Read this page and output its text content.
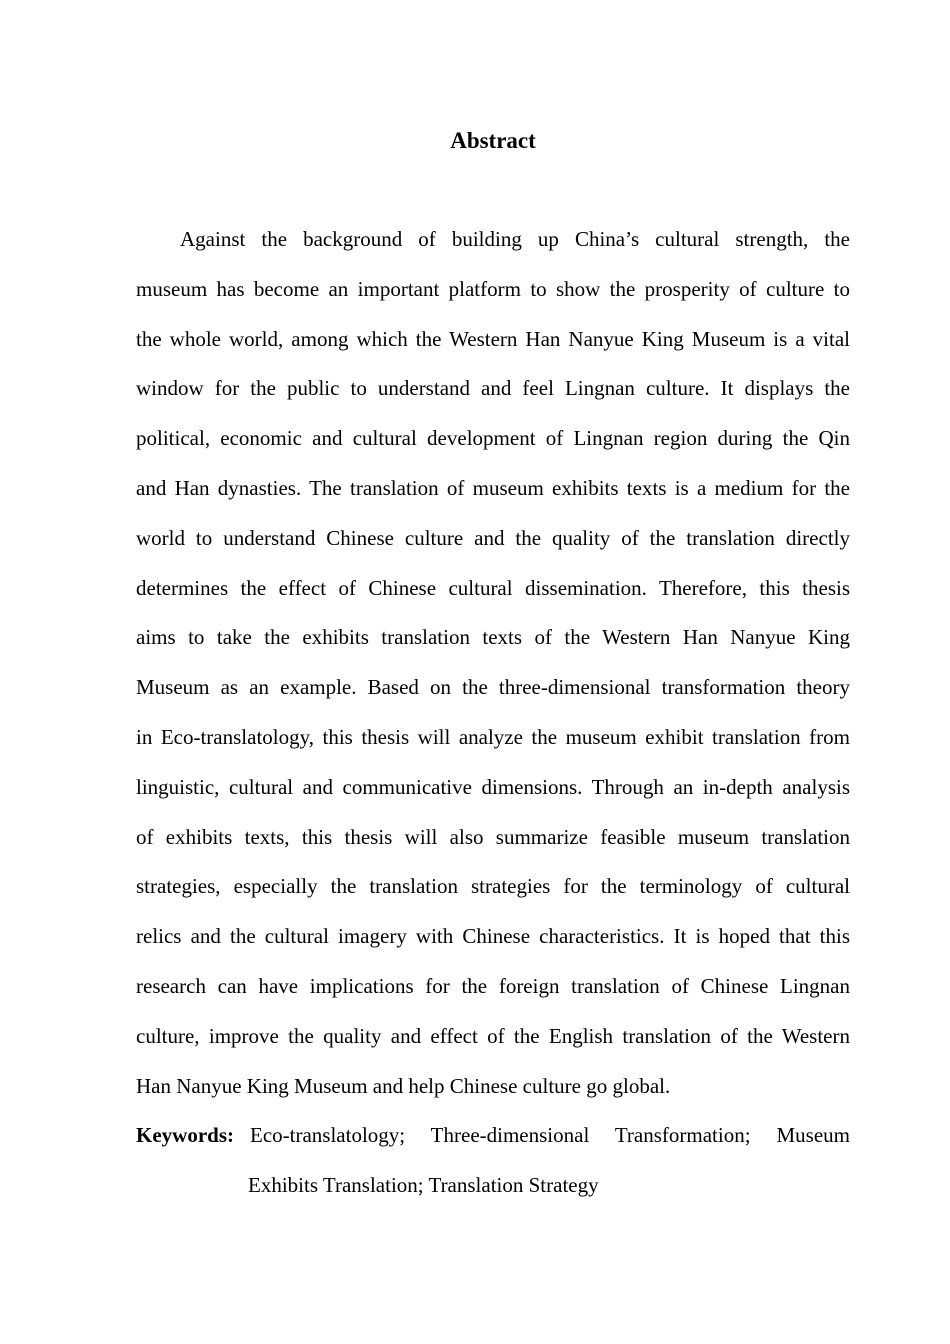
Abstract
Against the background of building up China’s cultural strength, the
museum has become an important platform to show the prosperity of culture to
the whole world, among which the Western Han Nanyue King Museum is a vital
window for the public to understand and feel Lingnan culture. It displays the
political, economic and cultural development of Lingnan region during the Qin
and Han dynasties. The translation of museum exhibits texts is a medium for the
world to understand Chinese culture and the quality of the translation directly
determines the effect of Chinese cultural dissemination. Therefore, this thesis
aims to take the exhibits translation texts of the Western Han Nanyue King
Museum as an example. Based on the three-dimensional transformation theory
in Eco-translatology, this thesis will analyze the museum exhibit translation from
linguistic, cultural and communicative dimensions. Through an in-depth analysis
of exhibits texts, this thesis will also summarize feasible museum translation
strategies, especially the translation strategies for the terminology of cultural
relics and the cultural imagery with Chinese characteristics. It is hoped that this
research can have implications for the foreign translation of Chinese Lingnan
culture, improve the quality and effect of the English translation of the Western
Han Nanyue King Museum and help Chinese culture go global.
Keywords: Eco-translatology; Three-dimensional Transformation; Museum
Exhibits Translation; Translation Strategy
